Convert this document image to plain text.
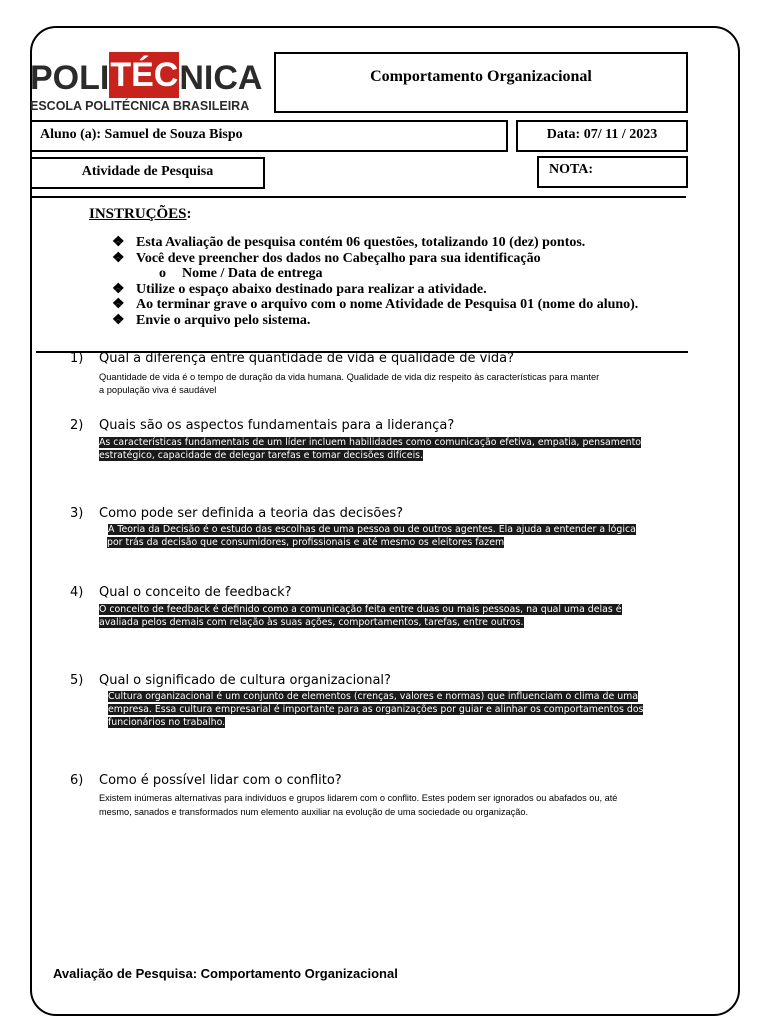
POLITÉCNICA
ESCOLA POLITÉCNICA BRASILEIRA
Comportamento Organizacional
Aluno (a): Samuel de Souza Bispo	Data: 07/ 11 / 2023
Atividade de Pesquisa	NOTA:
INSTRUÇÕES:
❖ Esta Avaliação de pesquisa contém 06 questões, totalizando 10 (dez) pontos.
❖ Você deve preencher dos dados no Cabeçalho para sua identificação
o Nome / Data de entrega
❖ Utilize o espaço abaixo destinado para realizar a atividade.
❖ Ao terminar grave o arquivo com o nome Atividade de Pesquisa 01 (nome do aluno).
❖ Envie o arquivo pelo sistema.
1) Qual a diferença entre quantidade de vida e qualidade de vida?
Quantidade de vida é o tempo de duração da vida humana. Qualidade de vida diz respeito às características para manter
a população viva é saudável
2) Quais são os aspectos fundamentais para a liderança?
As características fundamentais de um líder incluem habilidades como comunicação efetiva, empatia, pensamento
estratégico, capacidade de delegar tarefas e tomar decisões difíceis.
3) Como pode ser definida a teoria das decisões?
A Teoria da Decisão é o estudo das escolhas de uma pessoa ou de outros agentes. Ela ajuda a entender a lógica
por trás da decisão que consumidores, profissionais e até mesmo os eleitores fazem
4) Qual o conceito de feedback?
O conceito de feedback é definido como a comunicação feita entre duas ou mais pessoas, na qual uma delas é
avaliada pelos demais com relação às suas ações, comportamentos, tarefas, entre outros.
5) Qual o significado de cultura organizacional?
Cultura organizacional é um conjunto de elementos (crenças, valores e normas) que influenciam o clima de uma
empresa. Essa cultura empresarial é importante para as organizações por guiar e alinhar os comportamentos dos
funcionários no trabalho.
6) Como é possível lidar com o conflito?
Existem inúmeras alternativas para indivíduos e grupos lidarem com o conflito. Estes podem ser ignorados ou abafados ou, até
mesmo, sanados e transformados num elemento auxiliar na evolução de uma sociedade ou organização.
Avaliação de Pesquisa: Comportamento Organizacional
